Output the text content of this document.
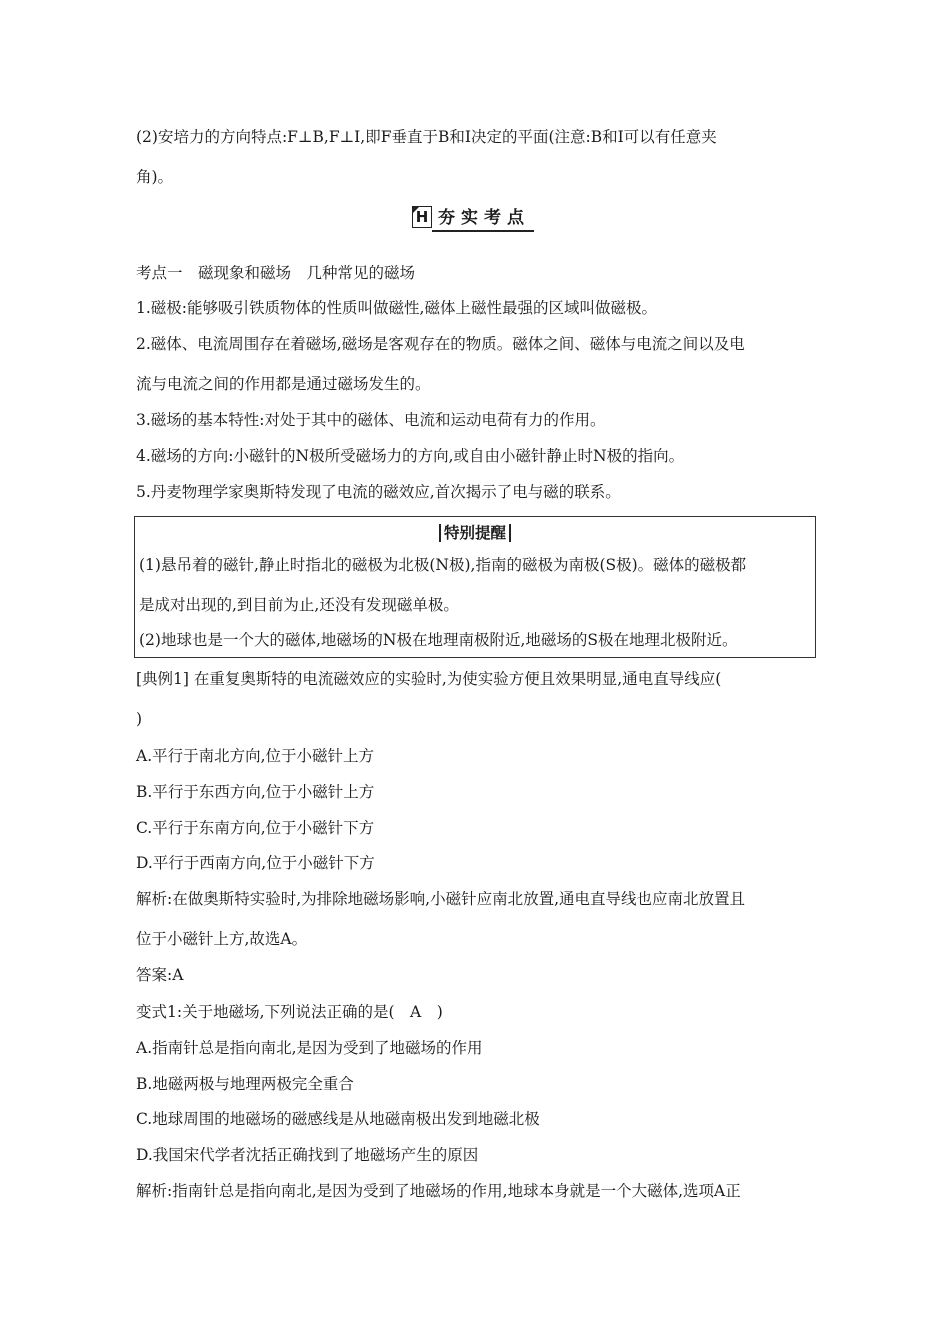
(2)安培力的方向特点:F⊥B,F⊥I,即F垂直于B和I决定的平面(注意:B和I可以有任意夹
角)。
H 夯实考点
考点一　磁现象和磁场　几种常见的磁场
1.磁极:能够吸引铁质物体的性质叫做磁性,磁体上磁性最强的区域叫做磁极。
2.磁体、电流周围存在着磁场,磁场是客观存在的物质。磁体之间、磁体与电流之间以及电
流与电流之间的作用都是通过磁场发生的。
3.磁场的基本特性:对处于其中的磁体、电流和运动电荷有力的作用。
4.磁场的方向:小磁针的N极所受磁场力的方向,或自由小磁针静止时N极的指向。
5.丹麦物理学家奥斯特发现了电流的磁效应,首次揭示了电与磁的联系。
特别提醒
(1)悬吊着的磁针,静止时指北的磁极为北极(N极),指南的磁极为南极(S极)。磁体的磁极都
是成对出现的,到目前为止,还没有发现磁单极。
(2)地球也是一个大的磁体,地磁场的N极在地理南极附近,地磁场的S极在地理北极附近。
[典例1] 在重复奥斯特的电流磁效应的实验时,为使实验方便且效果明显,通电直导线应(
)
A.平行于南北方向,位于小磁针上方
B.平行于东西方向,位于小磁针上方
C.平行于东南方向,位于小磁针下方
D.平行于西南方向,位于小磁针下方
解析:在做奥斯特实验时,为排除地磁场影响,小磁针应南北放置,通电直导线也应南北放置且
位于小磁针上方,故选A。
答案:A
变式1:关于地磁场,下列说法正确的是(　A　)
A.指南针总是指向南北,是因为受到了地磁场的作用
B.地磁两极与地理两极完全重合
C.地球周围的地磁场的磁感线是从地磁南极出发到地磁北极
D.我国宋代学者沈括正确找到了地磁场产生的原因
解析:指南针总是指向南北,是因为受到了地磁场的作用,地球本身就是一个大磁体,选项A正
